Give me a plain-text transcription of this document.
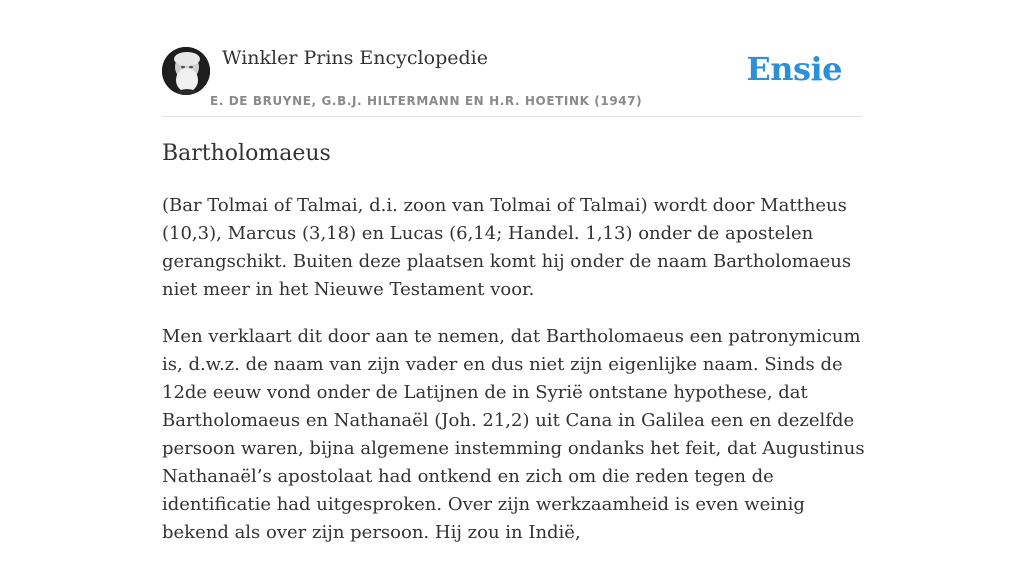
Winkler Prins Encyclopedie
E. DE BRUYNE, G.B.J. HILTERMANN EN H.R. HOETINK (1947)
Ensie
Bartholomaeus

(Bar Tolmai of Talmai, d.i. zoon van Tolmai of Talmai) wordt door Mattheus (10,3), Marcus (3,18) en Lucas (6,14; Handel. 1,13) onder de apostelen gerangschikt. Buiten deze plaatsen komt hij onder de naam Bartholomaeus niet meer in het Nieuwe Testament voor.

Men verklaart dit door aan te nemen, dat Bartholomaeus een patronymicum is, d.w.z. de naam van zijn vader en dus niet zijn eigenlijke naam. Sinds de 12de eeuw vond onder de Latijnen de in Syrië ontstane hypothese, dat Bartholomaeus en Nathanaël (Joh. 21,2) uit Cana in Galilea een en dezelfde persoon waren, bijna algemene instemming ondanks het feit, dat Augustinus Nathanaël’s apostolaat had ontkend en zich om die reden tegen de identificatie had uitgesproken. Over zijn werkzaamheid is even weinig bekend als over zijn persoon. Hij zou in Indië,
